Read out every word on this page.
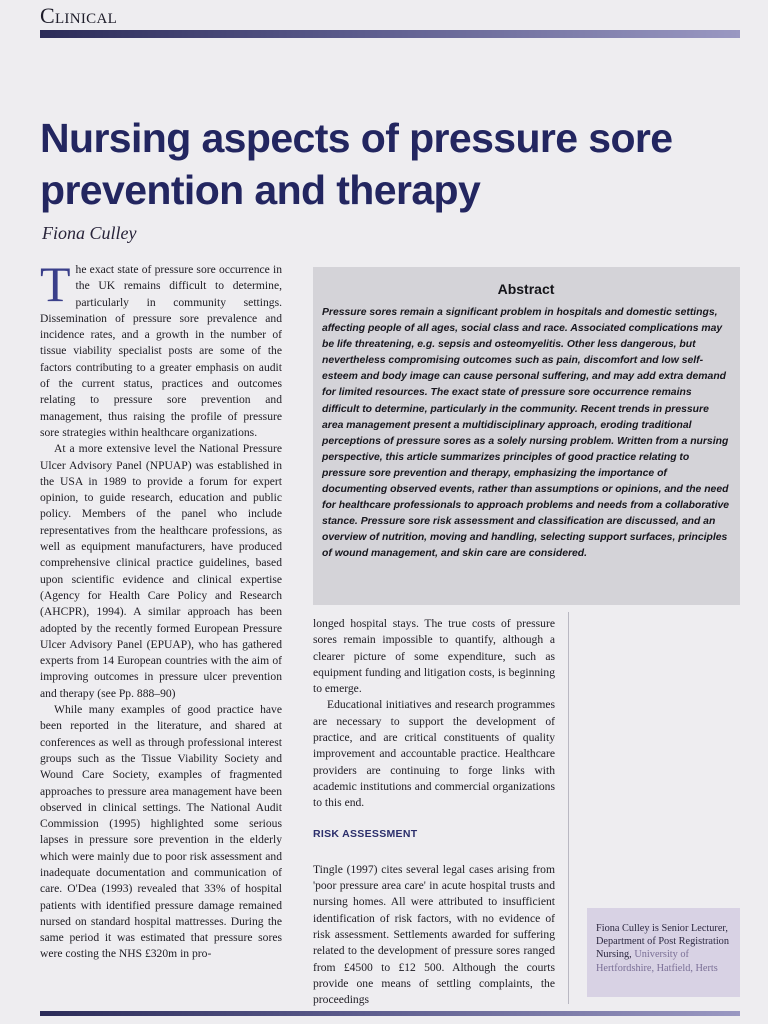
Clinical
Nursing aspects of pressure sore prevention and therapy
Fiona Culley

The exact state of pressure sore occurrence in the UK remains difficult to determine, particularly in community settings. Dissemination of pressure sore prevalence and incidence rates, and a growth in the number of tissue viability specialist posts are some of the factors contributing to a greater emphasis on audit of the current status, practices and outcomes relating to pressure sore prevention and management, thus raising the profile of pressure sore strategies within healthcare organizations.

At a more extensive level the National Pressure Ulcer Advisory Panel (NPUAP) was established in the USA in 1989 to provide a forum for expert opinion, to guide research, education and public policy. Members of the panel who include representatives from the healthcare professions, as well as equipment manufacturers, have produced comprehensive clinical practice guidelines, based upon scientific evidence and clinical expertise (Agency for Health Care Policy and Research (AHCPR), 1994). A similar approach has been adopted by the recently formed European Pressure Ulcer Advisory Panel (EPUAP), who has gathered experts from 14 European countries with the aim of improving outcomes in pressure ulcer prevention and therapy (see Pp. 888–90)

While many examples of good practice have been reported in the literature, and shared at conferences as well as through professional interest groups such as the Tissue Viability Society and Wound Care Society, examples of fragmented approaches to pressure area management have been observed in clinical settings. The National Audit Commission (1995) highlighted some serious lapses in pressure sore prevention in the elderly which were mainly due to poor risk assessment and inadequate documentation and communication of care. O'Dea (1993) revealed that 33% of hospital patients with identified pressure damage remained nursed on standard hospital mattresses. During the same period it was estimated that pressure sores were costing the NHS £320m in pro-

Abstract

Pressure sores remain a significant problem in hospitals and domestic settings, affecting people of all ages, social class and race. Associated complications may be life threatening, e.g. sepsis and osteomyelitis. Other less dangerous, but nevertheless compromising outcomes such as pain, discomfort and low self-esteem and body image can cause personal suffering, and may add extra demand for limited resources. The exact state of pressure sore occurrence remains difficult to determine, particularly in the community. Recent trends in pressure area management present a multidisciplinary approach, eroding traditional perceptions of pressure sores as a solely nursing problem. Written from a nursing perspective, this article summarizes principles of good practice relating to pressure sore prevention and therapy, emphasizing the importance of documenting observed events, rather than assumptions or opinions, and the need for healthcare professionals to approach problems and needs from a collaborative stance. Pressure sore risk assessment and classification are discussed, and an overview of nutrition, moving and handling, selecting support surfaces, principles of wound management, and skin care are considered.

longed hospital stays. The true costs of pressure sores remain impossible to quantify, although a clearer picture of some expenditure, such as equipment funding and litigation costs, is beginning to emerge.

Educational initiatives and research programmes are necessary to support the development of practice, and are critical constituents of quality improvement and accountable practice. Healthcare providers are continuing to forge links with academic institutions and commercial organizations to this end.

RISK ASSESSMENT

Tingle (1997) cites several legal cases arising from 'poor pressure area care' in acute hospital trusts and nursing homes. All were attributed to insufficient identification of risk factors, with no evidence of risk assessment. Settlements awarded for suffering related to the development of pressure sores ranged from £4500 to £12 500. Although the courts provide one means of settling complaints, the proceedings

Fiona Culley is Senior Lecturer, Department of Post Registration Nursing, University of Hertfordshire, Hatfield, Herts
